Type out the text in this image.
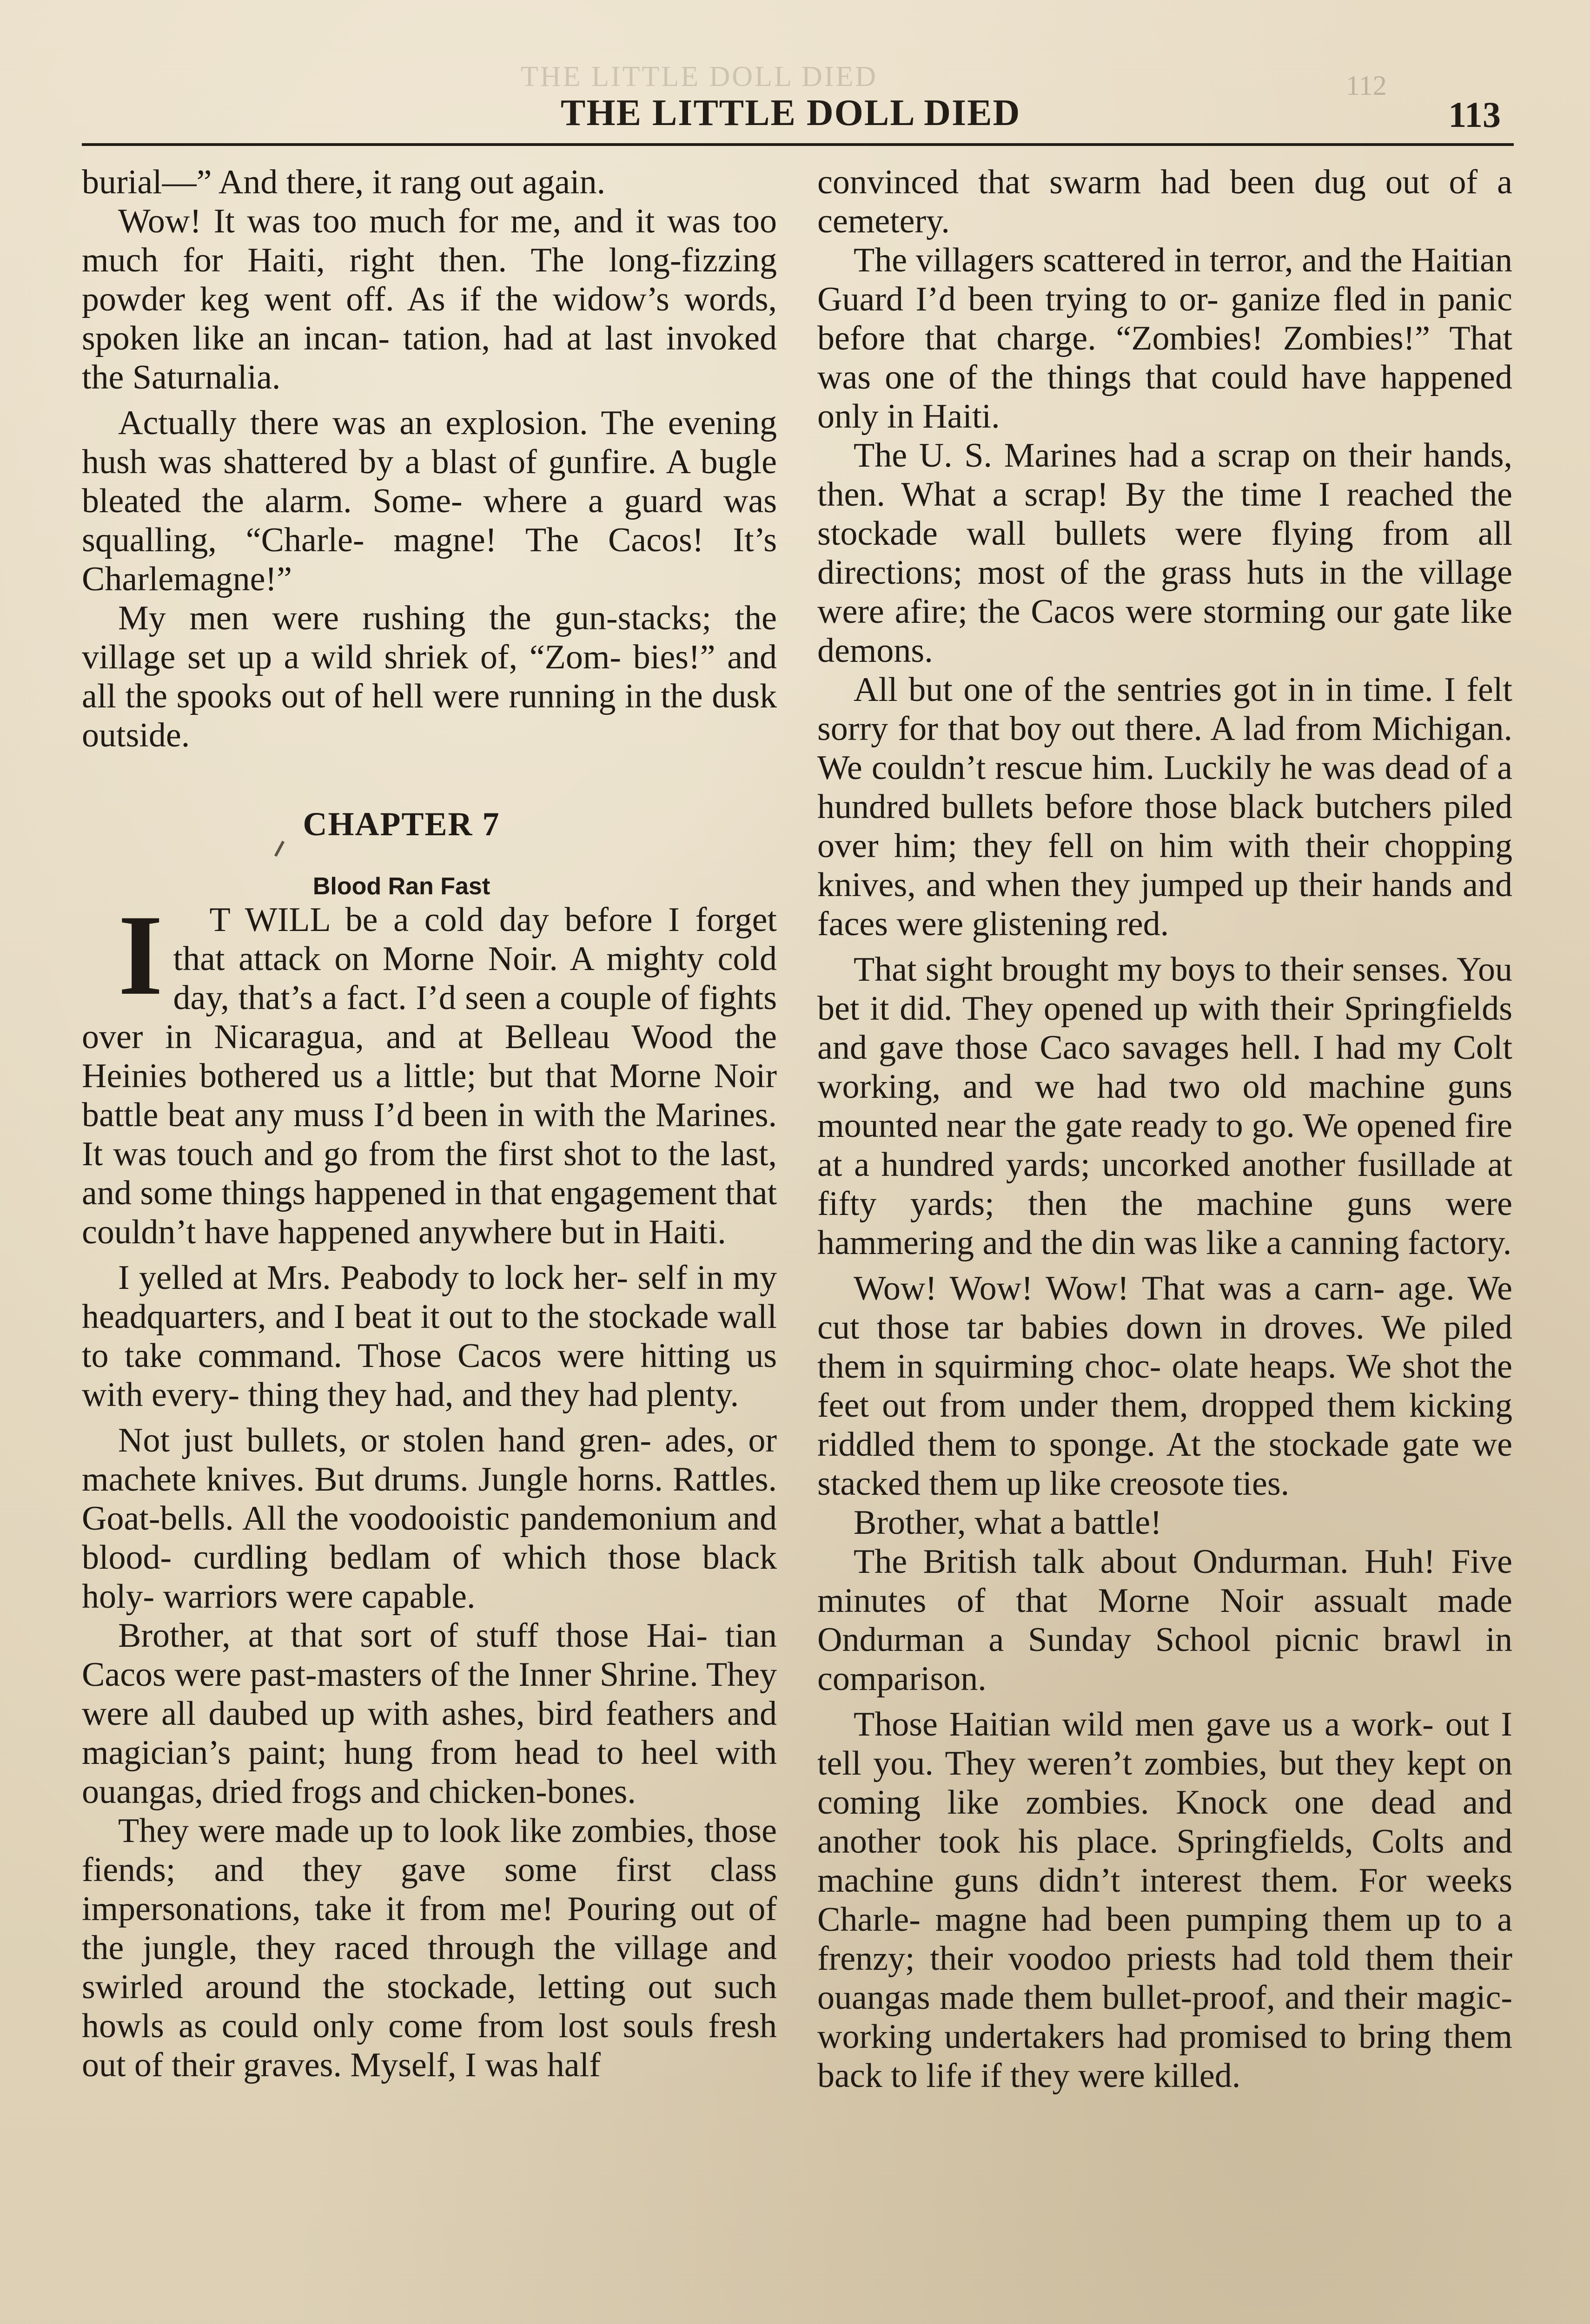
THE LITTLE DOLL DIED	112
THE LITTLE DOLL DIED	113

burial—” And there, it rang out again.

Wow! It was too much for me, and it was too much for Haiti, right then. The long-fizzing powder keg went off. As if the widow’s words, spoken like an incan- tation, had at last invoked the Saturnalia.

Actually there was an explosion. The evening hush was shattered by a blast of gunfire. A bugle bleated the alarm. Some- where a guard was squalling, “Charle- magne! The Cacos! It’s Charlemagne!”

My men were rushing the gun-stacks; the village set up a wild shriek of, “Zom- bies!” and all the spooks out of hell were running in the dusk outside.

CHAPTER 7
Blood Ran Fast

I T WILL be a cold day before I forget that attack on Morne Noir. A mighty cold day, that’s a fact. I’d seen a couple of fights over in Nicaragua, and at Belleau Wood the Heinies bothered us a little; but that Morne Noir battle beat any muss I’d been in with the Marines. It was touch and go from the first shot to the last, and some things happened in that engagement that couldn’t have happened anywhere but in Haiti.

I yelled at Mrs. Peabody to lock her- self in my headquarters, and I beat it out to the stockade wall to take command. Those Cacos were hitting us with every- thing they had, and they had plenty.

Not just bullets, or stolen hand gren- ades, or machete knives. But drums. Jungle horns. Rattles. Goat-bells. All the voodooistic pandemonium and blood- curdling bedlam of which those black holy- warriors were capable.

Brother, at that sort of stuff those Hai- tian Cacos were past-masters of the Inner Shrine. They were all daubed up with ashes, bird feathers and magician’s paint; hung from head to heel with ouangas, dried frogs and chicken-bones.

They were made up to look like zombies, those fiends; and they gave some first class impersonations, take it from me! Pouring out of the jungle, they raced through the village and swirled around the stockade, letting out such howls as could only come from lost souls fresh out of their graves. Myself, I was half

convinced that swarm had been dug out of a cemetery.

The villagers scattered in terror, and the Haitian Guard I’d been trying to or- ganize fled in panic before that charge. “Zombies! Zombies!” That was one of the things that could have happened only in Haiti.

The U. S. Marines had a scrap on their hands, then. What a scrap! By the time I reached the stockade wall bullets were flying from all directions; most of the grass huts in the village were afire; the Cacos were storming our gate like demons.

All but one of the sentries got in in time. I felt sorry for that boy out there. A lad from Michigan. We couldn’t rescue him. Luckily he was dead of a hundred bullets before those black butchers piled over him; they fell on him with their chopping knives, and when they jumped up their hands and faces were glistening red.

That sight brought my boys to their senses. You bet it did. They opened up with their Springfields and gave those Caco savages hell. I had my Colt working, and we had two old machine guns mounted near the gate ready to go. We opened fire at a hundred yards; uncorked another fusillade at fifty yards; then the machine guns were hammering and the din was like a canning factory.

Wow! Wow! Wow! That was a carn- age. We cut those tar babies down in droves. We piled them in squirming choc- olate heaps. We shot the feet out from under them, dropped them kicking riddled them to sponge. At the stockade gate we stacked them up like creosote ties.

Brother, what a battle!

The British talk about Ondurman. Huh! Five minutes of that Morne Noir assualt made Ondurman a Sunday School picnic brawl in comparison.

Those Haitian wild men gave us a work- out I tell you. They weren’t zombies, but they kept on coming like zombies. Knock one dead and another took his place. Springfields, Colts and machine guns didn’t interest them. For weeks Charle- magne had been pumping them up to a frenzy; their voodoo priests had told them their ouangas made them bullet-proof, and their magic-working undertakers had promised to bring them back to life if they were killed.
